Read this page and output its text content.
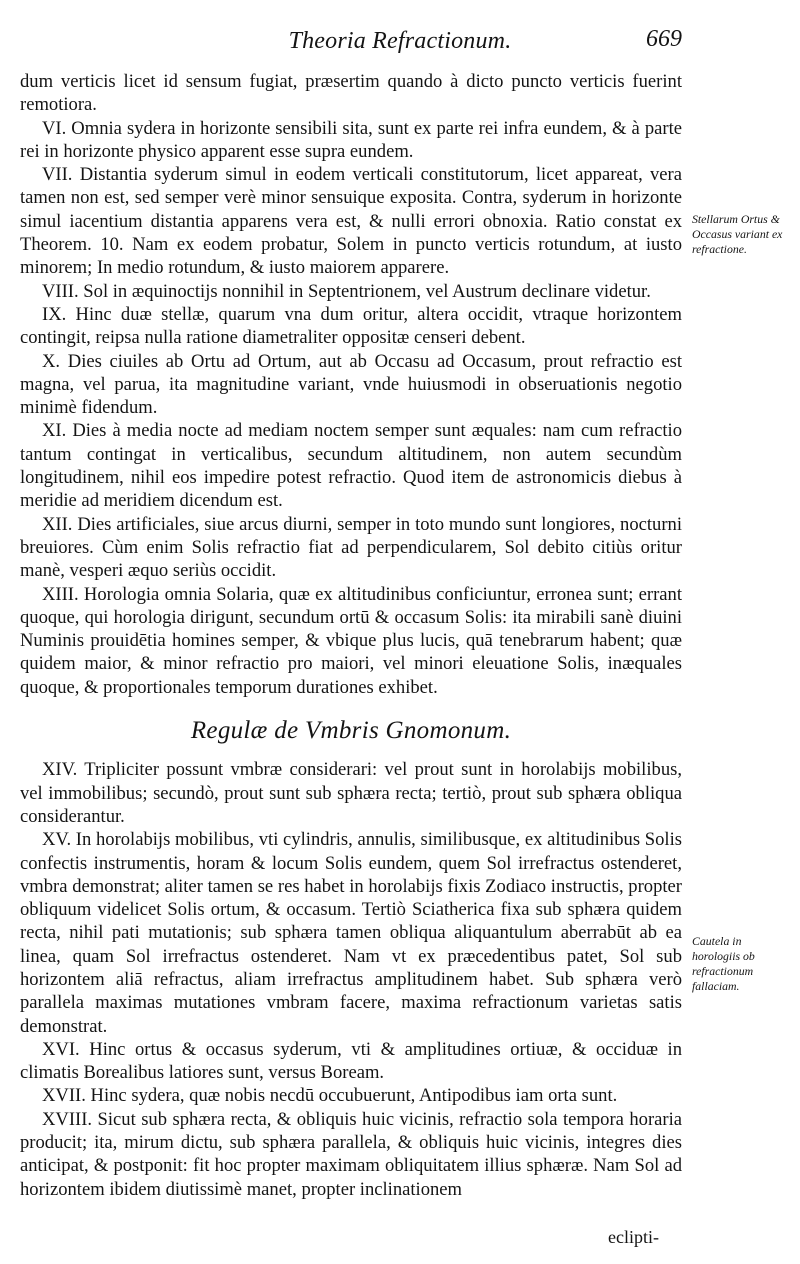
Theoria Refractionum.	669

dum verticis licet id sensum fugiat, præsertim quando à dicto puncto verticis fuerint remotiora.

VI. Omnia sydera in horizonte sensibili sita, sunt ex parte rei infra eundem, & à parte rei in horizonte physico apparent esse supra eundem.

VII. Distantia syderum simul in eodem verticali constitutorum, licet appareat, vera tamen non est, sed semper verè minor sensuique exposita. Contra, syderum in horizonte simul iacentium distantia apparens vera est, & nulli errori obnoxia. Ratio constat ex Theorem. 10. Nam ex eodem probatur, Solem in puncto verticis rotundum, at iusto minorem; In medio rotundum, & iusto maiorem apparere.

VIII. Sol in æquinoctijs nonnihil in Septentrionem, vel Austrum declinare videtur.

IX. Hinc duæ stellæ, quarum vna dum oritur, altera occidit, vtraque horizontem contingit, reipsa nulla ratione diametraliter oppositæ censeri debent.

X. Dies ciuiles ab Ortu ad Ortum, aut ab Occasu ad Occasum, prout refractio est magna, vel parua, ita magnitudine variant, vnde huiusmodi in obseruationis negotio minimè fidendum.

XI. Dies à media nocte ad mediam noctem semper sunt æquales: nam cum refractio tantum contingat in verticalibus, secundum altitudinem, non autem secundùm longitudinem, nihil eos impedire potest refractio. Quod item de astronomicis diebus à meridie ad meridiem dicendum est.

XII. Dies artificiales, siue arcus diurni, semper in toto mundo sunt longiores, nocturni breuiores. Cùm enim Solis refractio fiat ad perpendicularem, Sol debito citiùs oritur manè, vesperi æquo seriùs occidit.

XIII. Horologia omnia Solaria, quæ ex altitudinibus conficiuntur, erronea sunt; errant quoque, qui horologia dirigunt, secundum ortū & occasum Solis: ita mirabili sanè diuini Numinis prouidētia homines semper, & vbique plus lucis, quā tenebrarum habent; quæ quidem maior, & minor refractio pro maiori, vel minori eleuatione Solis, inæquales quoque, & proportionales temporum durationes exhibet.

Regulæ de Vmbris Gnomonum.

XIV. Tripliciter possunt vmbræ considerari: vel prout sunt in horolabijs mobilibus, vel immobilibus; secundò, prout sunt sub sphæra recta; tertiò, prout sub sphæra obliqua considerantur.

XV. In horolabijs mobilibus, vti cylindris, annulis, similibusque, ex altitudinibus Solis confectis instrumentis, horam & locum Solis eundem, quem Sol irrefractus ostenderet, vmbra demonstrat; aliter tamen se res habet in horolabijs fixis Zodiaco instructis, propter obliquum videlicet Solis ortum, & occasum. Tertiò Sciatherica fixa sub sphæra quidem recta, nihil pati mutationis; sub sphæra tamen obliqua aliquantulum aberrabūt ab ea linea, quam Sol irrefractus ostenderet. Nam vt ex præcedentibus patet, Sol sub horizontem aliā refractus, aliam irrefractus amplitudinem habet. Sub sphæra verò parallela maximas mutationes vmbram facere, maxima refractionum varietas satis demonstrat.

XVI. Hinc ortus & occasus syderum, vti & amplitudines ortiuæ, & occiduæ in climatis Borealibus latiores sunt, versus Boream.

XVII. Hinc sydera, quæ nobis necdū occubuerunt, Antipodibus iam orta sunt.

XVIII. Sicut sub sphæra recta, & obliquis huic vicinis, refractio sola tempora horaria producit; ita, mirum dictu, sub sphæra parallela, & obliquis huic vicinis, integres dies anticipat, & postponit: fit hoc propter maximam obliquitatem illius sphæræ. Nam Sol ad horizontem ibidem diutissimè manet, propter inclinationem

eclipti-
Stellarum Ortus & Occasus variant ex refractione.
Cautela in horologiis ob refractionum fallaciam.
